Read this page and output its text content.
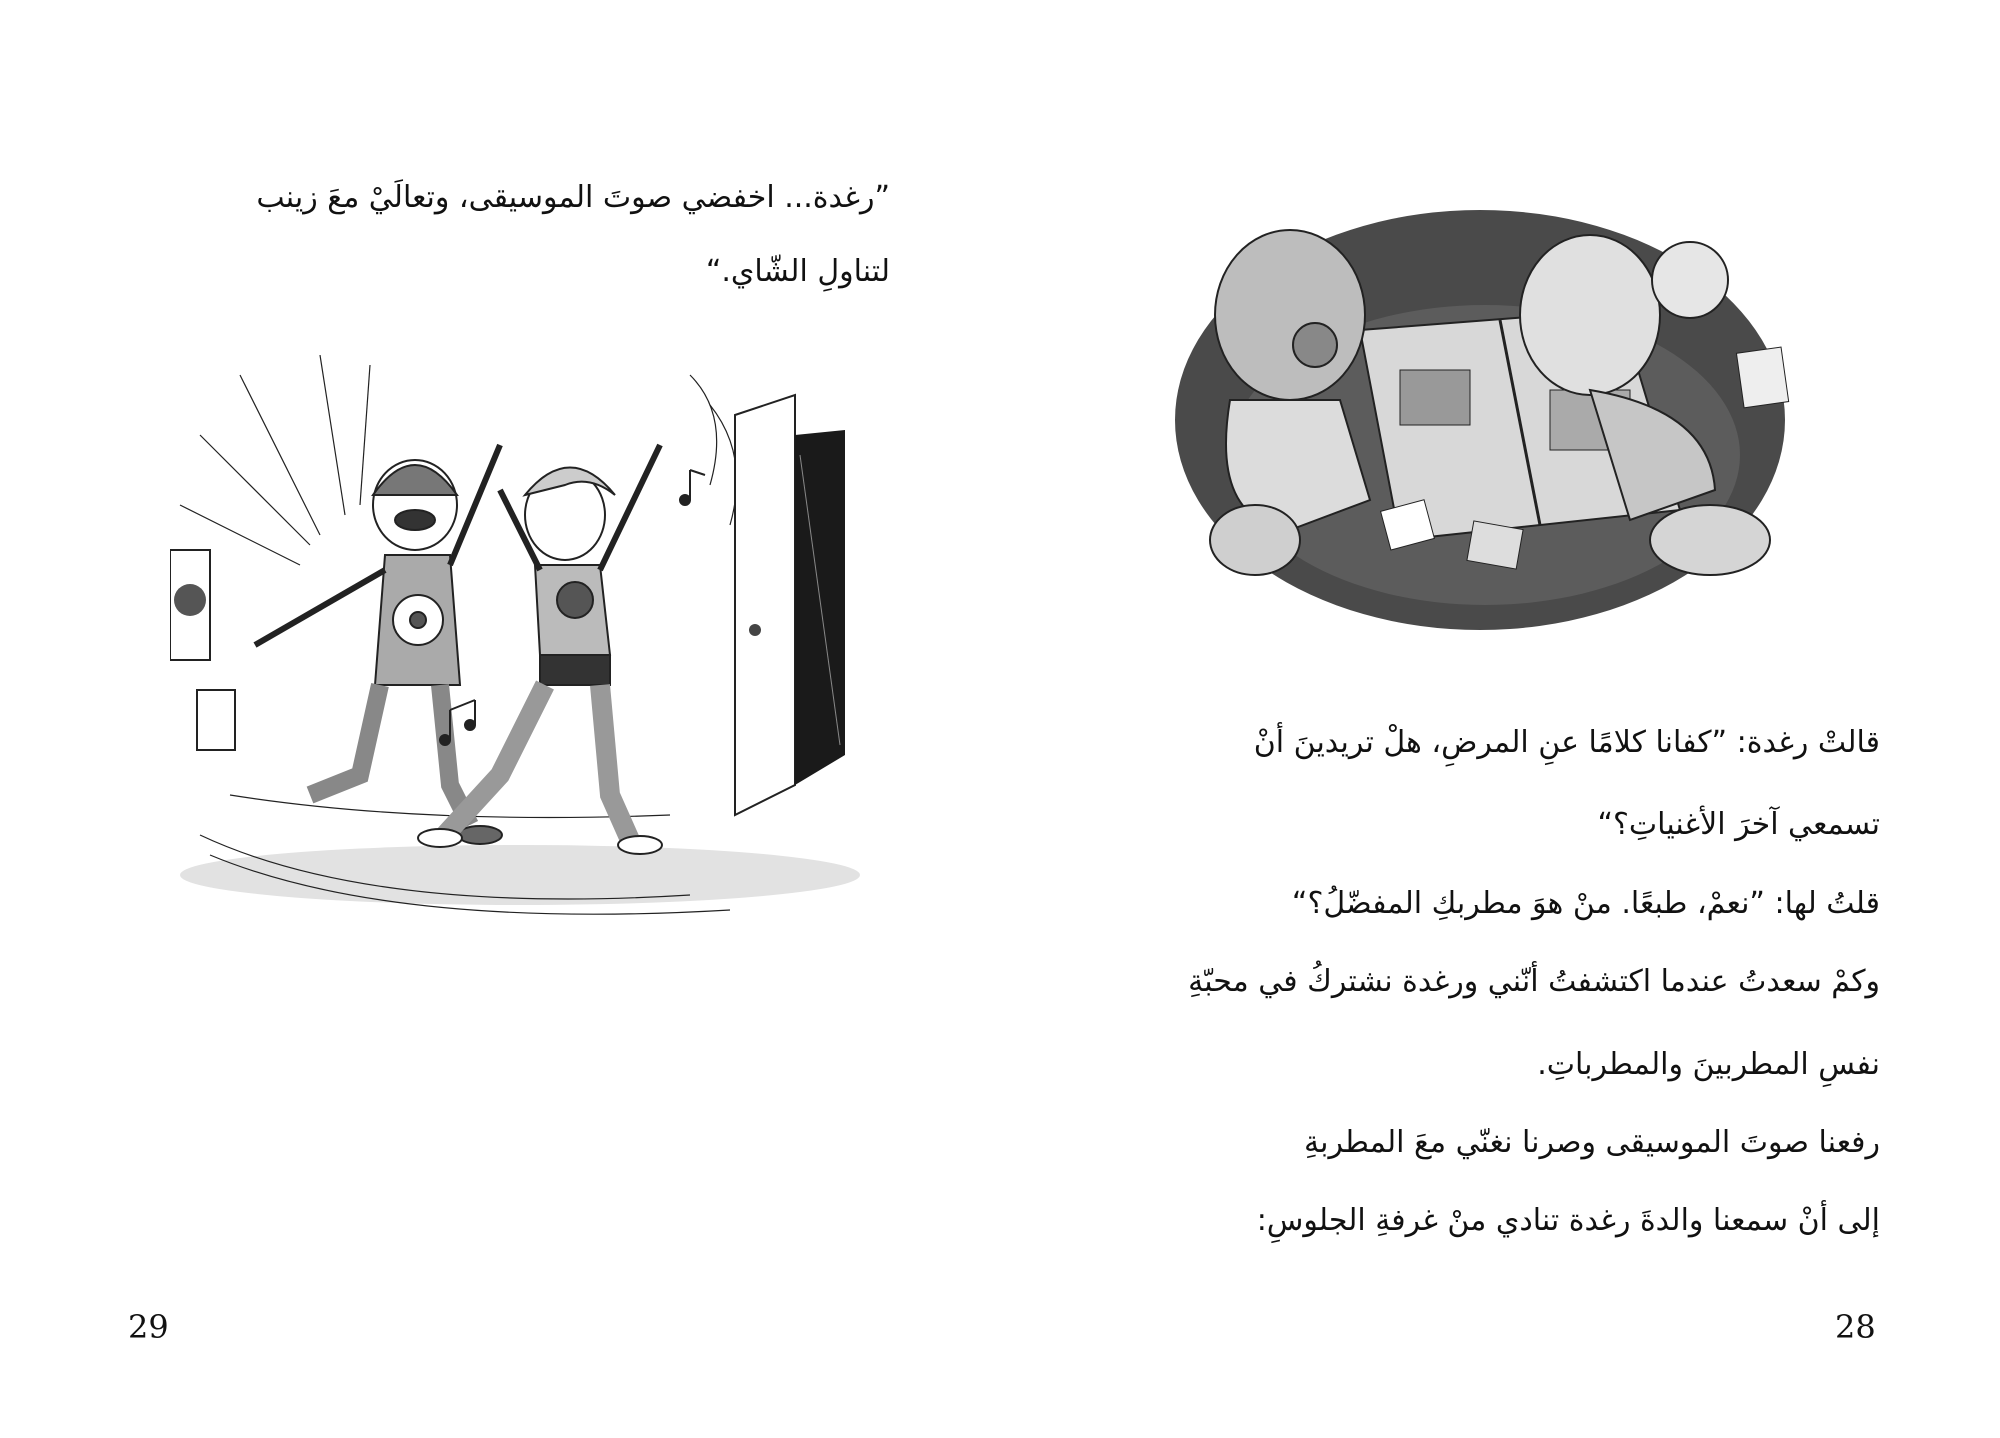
”رغدة... اخفضي صوتَ الموسيقى، وتعالَيْ معَ زينب
لتناولِ الشّاي.“
29
قالتْ رغدة: ”كفانا كلامًا عنِ المرضِ، هلْ تريدينَ أنْ
تسمعي آخرَ الأغنياتِ؟“
قلتُ لها: ”نعمْ، طبعًا. منْ هوَ مطربكِ المفضّلُ؟“
وكمْ سعدتُ عندما اكتشفتُ أنّني ورغدة نشتركُ في محبّةِ
نفسِ المطربينَ والمطرباتِ.
رفعنا صوتَ الموسيقى وصرنا نغنّي معَ المطربةِ
إلى أنْ سمعنا والدةَ رغدة تنادي منْ غرفةِ الجلوسِ:
28
